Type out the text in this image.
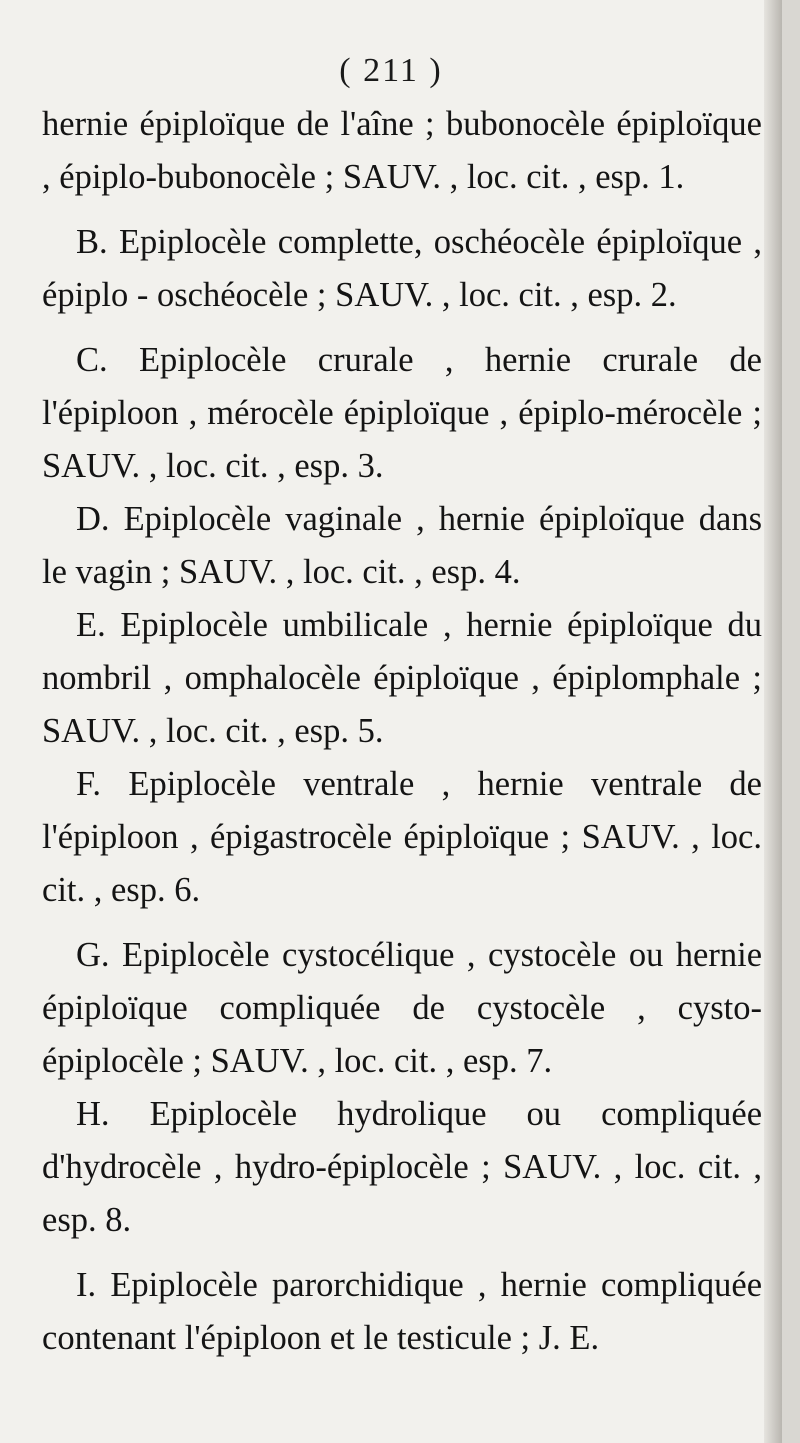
( 211 )

hernie épiploïque de l'aîne ; bubonocèle épiploïque , épiplo-bubonocèle ; SAUV. , loc. cit. , esp. 1.

B. Epiplocèle complette, oschéocèle épiploïque , épiplo - oschéocèle ; SAUV. , loc. cit. , esp. 2.

C. Epiplocèle crurale , hernie crurale de l'épiploon , mérocèle épiploïque , épiplo-mérocèle ; SAUV. , loc. cit. , esp. 3.

D. Epiplocèle vaginale , hernie épiploïque dans le vagin ; SAUV. , loc. cit. , esp. 4.

E. Epiplocèle umbilicale , hernie épiploïque du nombril , omphalocèle épiploïque , épiplomphale ; SAUV. , loc. cit. , esp. 5.

F. Epiplocèle ventrale , hernie ventrale de l'épiploon , épigastrocèle épiploïque ; SAUV. , loc. cit. , esp. 6.

G. Epiplocèle cystocélique , cystocèle ou hernie épiploïque compliquée de cystocèle , cysto-épiplocèle ; SAUV. , loc. cit. , esp. 7.

H. Epiplocèle hydrolique ou compliquée d'hydrocèle , hydro-épiplocèle ; SAUV. , loc. cit. , esp. 8.

I. Epiplocèle parorchidique , hernie compliquée contenant l'épiploon et le testicule ; J. E.
